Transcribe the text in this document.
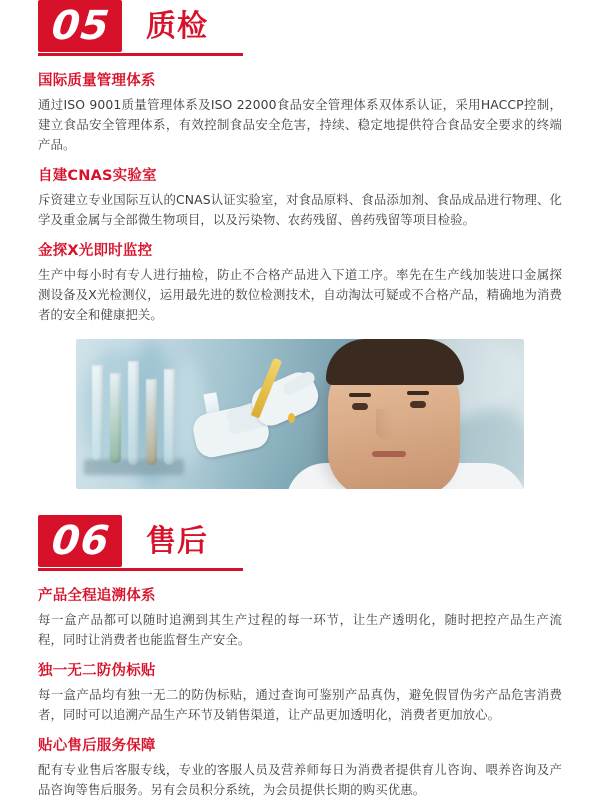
05	质检
国际质量管理体系
通过ISO 9001质量管理体系及ISO 22000食品安全管理体系双体系认证，采用HACCP控制，建立食品安全管理体系，有效控制食品安全危害，持续、稳定地提供符合食品安全要求的终端产品。
自建CNAS实验室
斥资建立专业国际互认的CNAS认证实验室，对食品原料、食品添加剂、食品成品进行物理、化学及重金属与全部微生物项目，以及污染物、农药残留、兽药残留等项目检验。
金探X光即时监控
生产中每小时有专人进行抽检，防止不合格产品进入下道工序。率先在生产线加装进口金属探测设备及X光检测仪，运用最先进的数位检测技术，自动淘汰可疑或不合格产品，精确地为消费者的安全和健康把关。
06	售后
产品全程追溯体系
每一盒产品都可以随时追溯到其生产过程的每一环节，让生产透明化，随时把控产品生产流程，同时让消费者也能监督生产安全。
独一无二防伪标贴
每一盒产品均有独一无二的防伪标贴，通过查询可鉴别产品真伪，避免假冒伪劣产品危害消费者，同时可以追溯产品生产环节及销售渠道，让产品更加透明化，消费者更加放心。
贴心售后服务保障
配有专业售后客服专线，专业的客服人员及营养师每日为消费者提供育儿咨询、喂养咨询及产品咨询等售后服务。另有会员积分系统，为会员提供长期的购买优惠。
